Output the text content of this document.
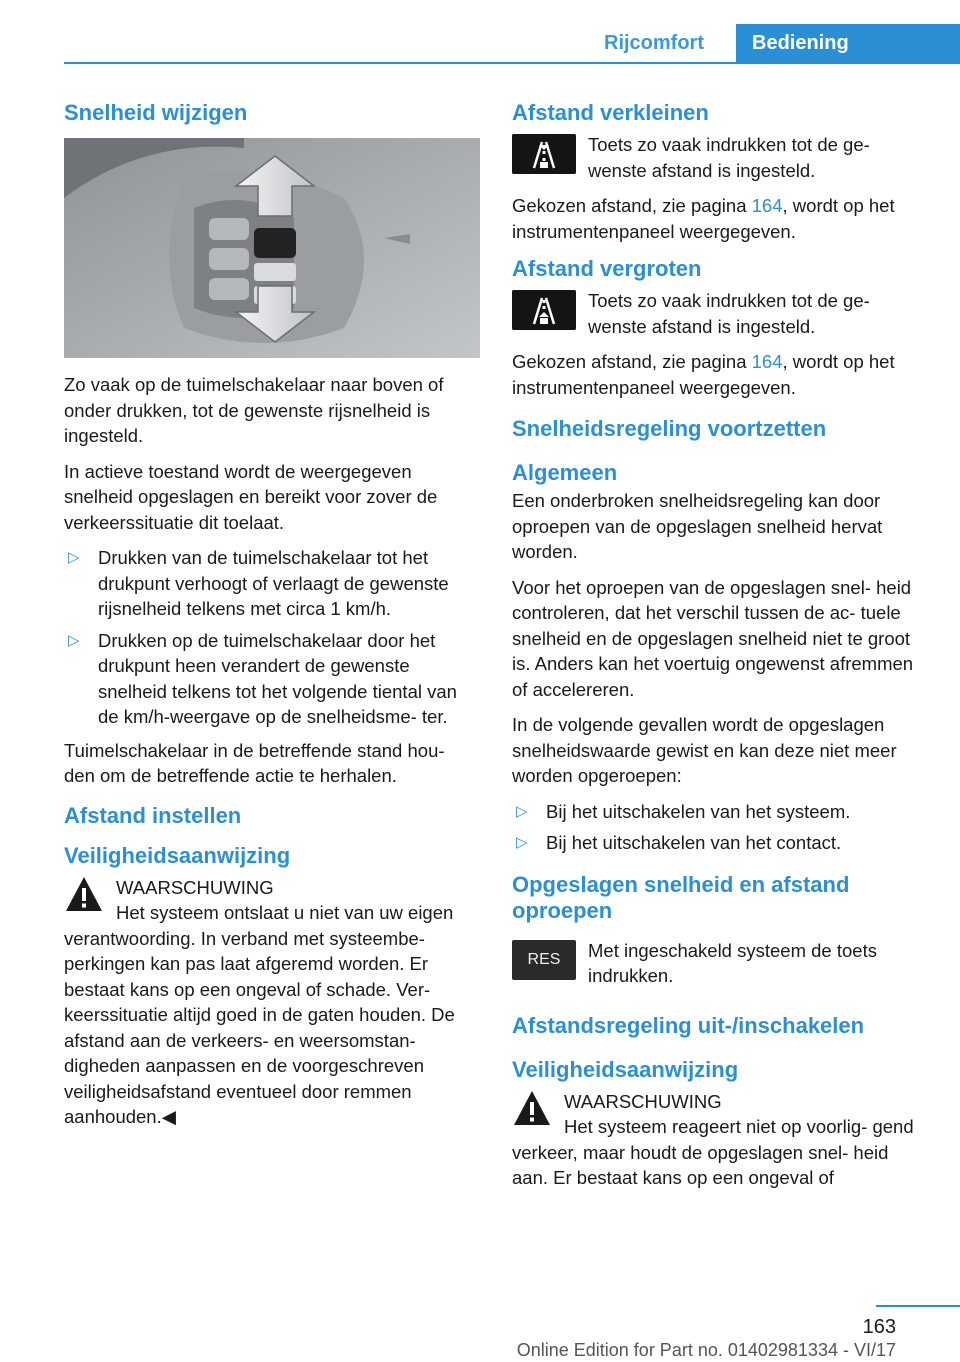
Rijcomfort	Bediening
Snelheid wijzigen

Zo vaak op de tuimelschakelaar naar boven of onder drukken, tot de gewenste rijsnelheid is ingesteld.

In actieve toestand wordt de weergegeven snelheid opgeslagen en bereikt voor zover de verkeerssituatie dit toelaat.

▷ Drukken van de tuimelschakelaar tot het drukpunt verhoogt of verlaagt de gewenste rijsnelheid telkens met circa 1 km/h.
▷ Drukken op de tuimelschakelaar door het drukpunt heen verandert de gewenste snelheid telkens tot het volgende tiental van de km/h-weergave op de snelheidsme‐ ter.

Tuimelschakelaar in de betreffende stand hou‐ den om de betreffende actie te herhalen.

Afstand instellen
Veiligheidsaanwijzing

WAARSCHUWING

Het systeem ontslaat u niet van uw eigen verantwoording. In verband met systeembe‐ perkingen kan pas laat afgeremd worden. Er bestaat kans op een ongeval of schade. Ver‐ keerssituatie altijd goed in de gaten houden. De afstand aan de verkeers- en weersomstan‐ digheden aanpassen en de voorgeschreven veiligheidsafstand eventueel door remmen aanhouden.◀

Afstand verkleinen

Toets zo vaak indrukken tot de ge‐ wenste afstand is ingesteld.

Gekozen afstand, zie pagina 164, wordt op het instrumentenpaneel weergegeven.

Afstand vergroten

Toets zo vaak indrukken tot de ge‐ wenste afstand is ingesteld.

Gekozen afstand, zie pagina 164, wordt op het instrumentenpaneel weergegeven.

Snelheidsregeling voortzetten
Algemeen

Een onderbroken snelheidsregeling kan door oproepen van de opgeslagen snelheid hervat worden.

Voor het oproepen van de opgeslagen snel‐ heid controleren, dat het verschil tussen de ac‐ tuele snelheid en de opgeslagen snelheid niet te groot is. Anders kan het voertuig ongewenst afremmen of accelereren.

In de volgende gevallen wordt de opgeslagen snelheidswaarde gewist en kan deze niet meer worden opgeroepen:

▷ Bij het uitschakelen van het systeem.
▷ Bij het uitschakelen van het contact.
Opgeslagen snelheid en afstand oproepen
RES	Met ingeschakeld systeem de toets indrukken.

Afstandsregeling uit-/inschakelen
Veiligheidsaanwijzing

WAARSCHUWING

Het systeem reageert niet op voorlig‐ gend verkeer, maar houdt de opgeslagen snel‐ heid aan. Er bestaat kans op een ongeval of

163
Online Edition for Part no. 01402981334 - VI/17
